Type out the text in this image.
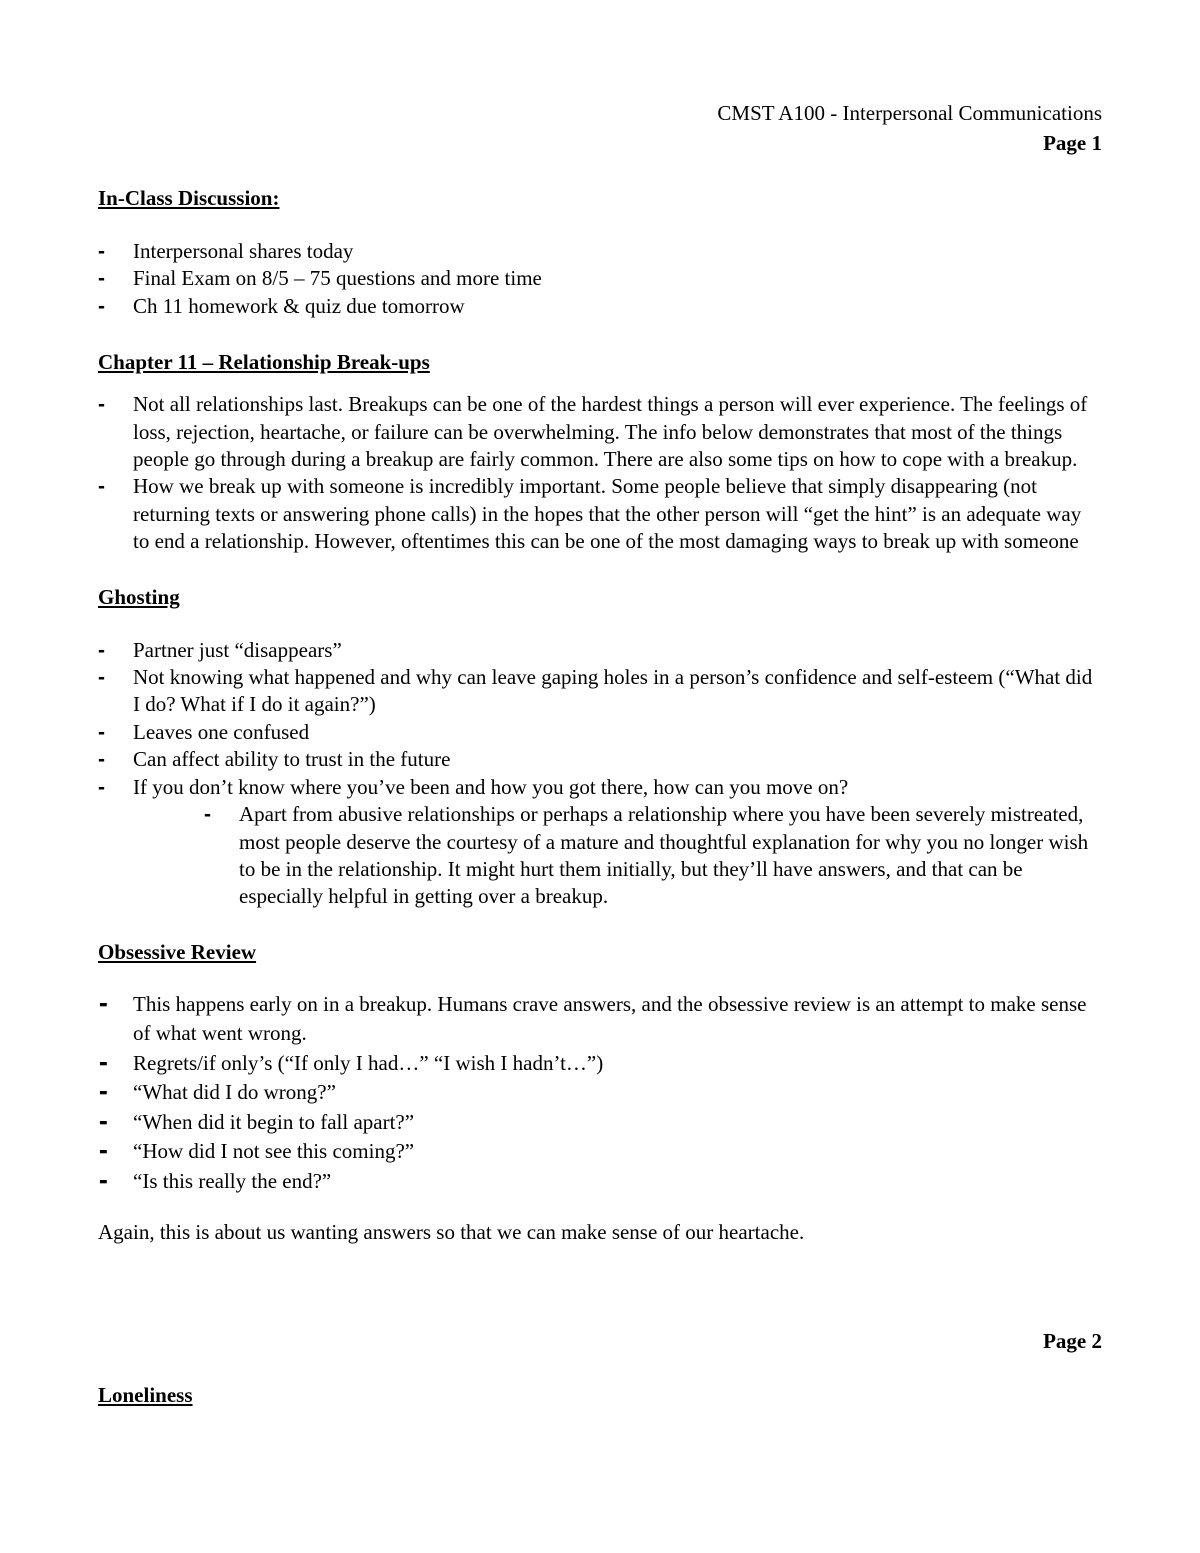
CMST A100 - Interpersonal Communications
Page 1
In-Class Discussion:
- Interpersonal shares today
- Final Exam on 8/5 – 75 questions and more time
- Ch 11 homework & quiz due tomorrow
Chapter 11 – Relationship Break-ups
- Not all relationships last. Breakups can be one of the hardest things a person will ever experience. The feelings of loss, rejection, heartache, or failure can be overwhelming. The info below demonstrates that most of the things people go through during a breakup are fairly common. There are also some tips on how to cope with a breakup.
- How we break up with someone is incredibly important. Some people believe that simply disappearing (not returning texts or answering phone calls) in the hopes that the other person will “get the hint” is an adequate way to end a relationship. However, oftentimes this can be one of the most damaging ways to break up with someone
Ghosting
- Partner just “disappears”
- Not knowing what happened and why can leave gaping holes in a person’s confidence and self-esteem (“What did I do? What if I do it again?”)
- Leaves one confused
- Can affect ability to trust in the future
- If you don’t know where you’ve been and how you got there, how can you move on?
- Apart from abusive relationships or perhaps a relationship where you have been severely mistreated, most people deserve the courtesy of a mature and thoughtful explanation for why you no longer wish to be in the relationship. It might hurt them initially, but they’ll have answers, and that can be especially helpful in getting over a breakup.
Obsessive Review
▬ This happens early on in a breakup. Humans crave answers, and the obsessive review is an attempt to make sense of what went wrong.
▬ Regrets/if only’s (“If only I had…” “I wish I hadn’t…”)
▬ “What did I do wrong?”
▬ “When did it begin to fall apart?”
▬ “How did I not see this coming?”
▬ “Is this really the end?”

Again, this is about us wanting answers so that we can make sense of our heartache.

Page 2
Loneliness
